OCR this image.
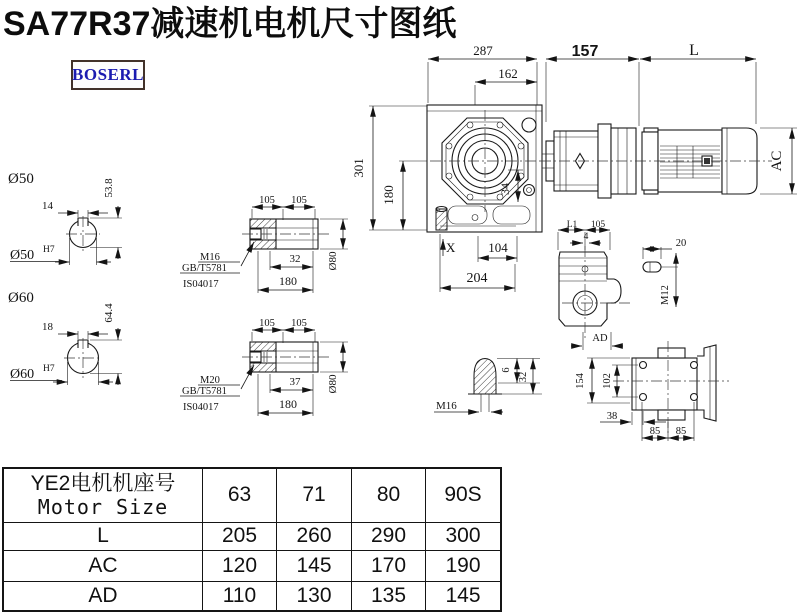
287
162
157	L
301
180
X	104
204
34
AC
Ø50
14
53.8
Ø50 H7
Ø60
18
64.4
Ø60 H7
105 105
32
180
Ø80
M16
GB/T5781
IS04017
105 105
37
180
Ø80
M20
GB/T5781
IS04017
L1 105
4
AD
20
M12
M16
6
32	102
154
38
85 85
SA77R37减速机电机尺寸图纸
BOSERL
YE2电机机座号
Motor Size
63	71	80	90S
L	205	260	290	300
AC	120	145	170	190
AD	110	130	135	145
